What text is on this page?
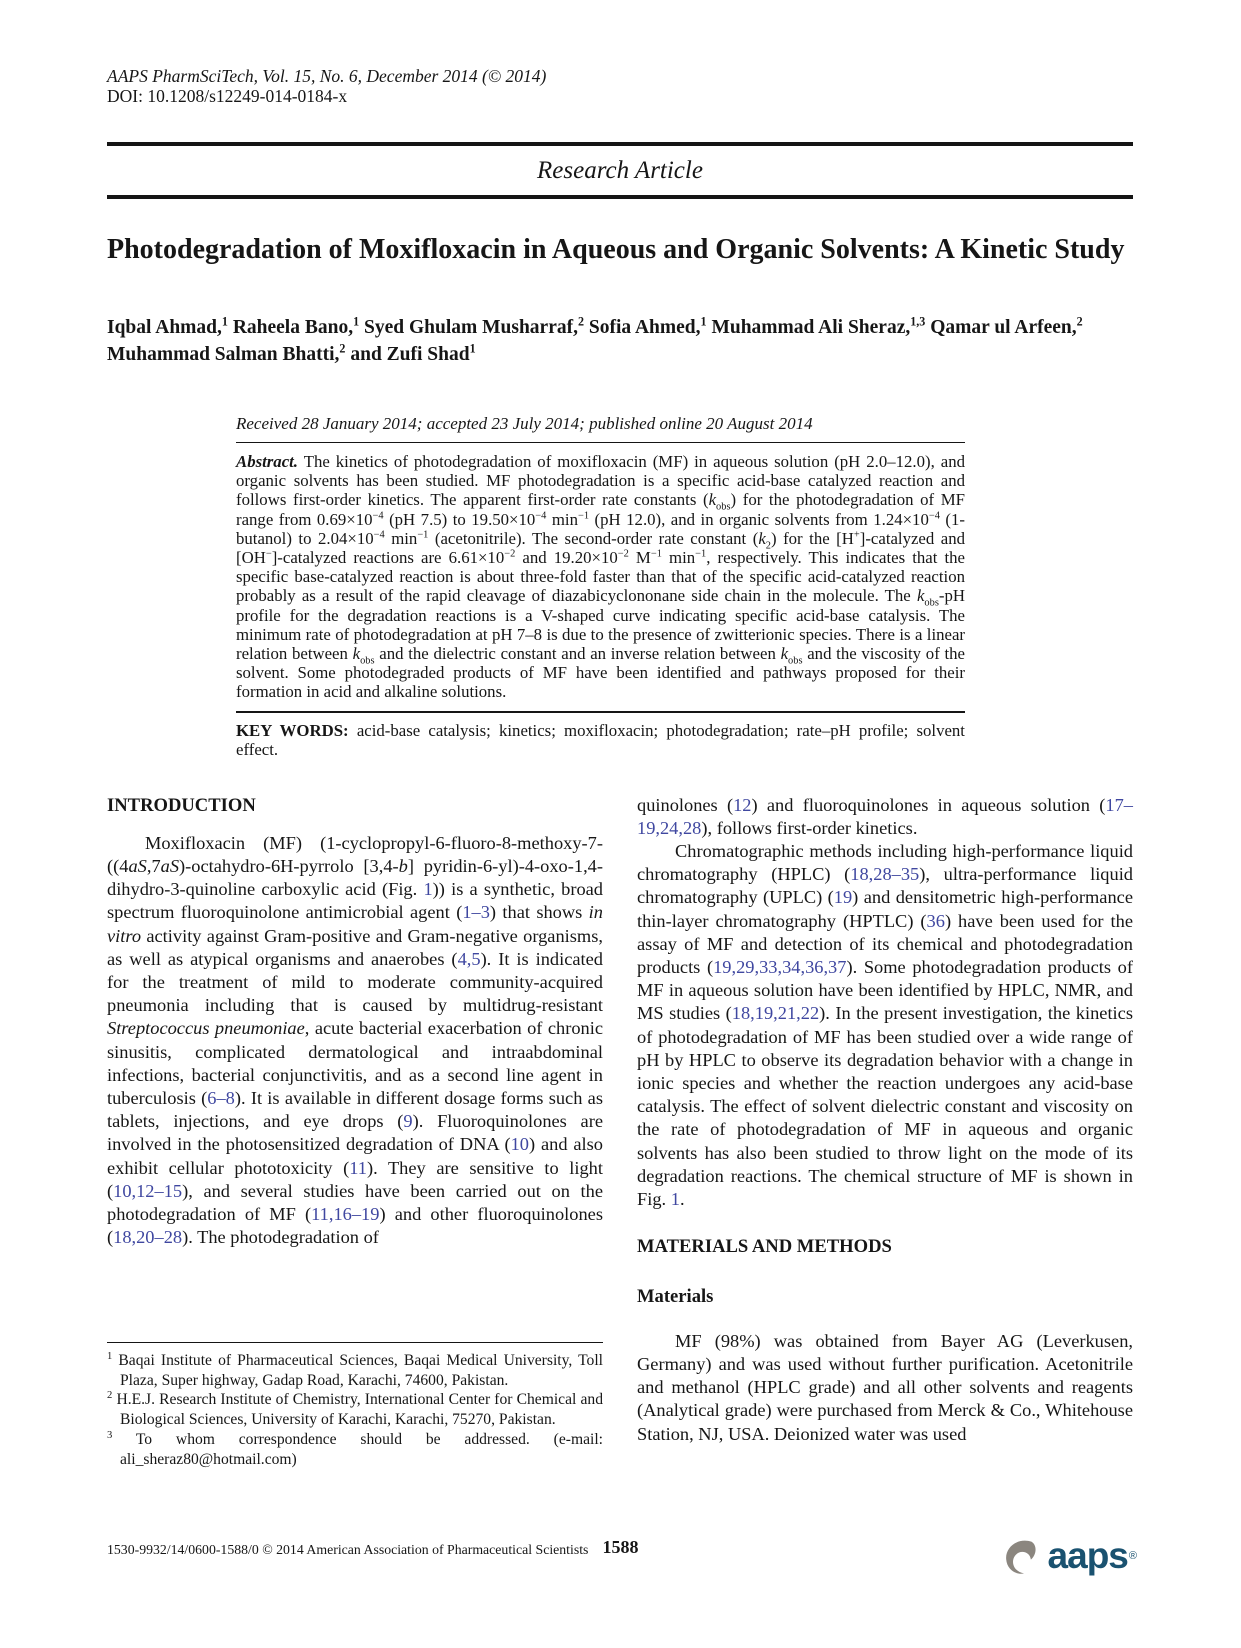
AAPS PharmSciTech, Vol. 15, No. 6, December 2014 (© 2014)
DOI: 10.1208/s12249-014-0184-x
Research Article
Photodegradation of Moxifloxacin in Aqueous and Organic Solvents: A Kinetic Study
Iqbal Ahmad,$^1$ Raheela Bano,$^1$ Syed Ghulam Musharraf,$^2$ Sofia Ahmed,$^1$ Muhammad Ali Sheraz,$^{1,3}$ Qamar ul Arfeen,$^2$ Muhammad Salman Bhatti,$^2$ and Zufi Shad$^1$
Received 28 January 2014; accepted 23 July 2014; published online 20 August 2014

Abstract. The kinetics of photodegradation of moxifloxacin (MF) in aqueous solution (pH 2.0–12.0), and organic solvents has been studied. MF photodegradation is a specific acid-base catalyzed reaction and follows first-order kinetics. The apparent first-order rate constants $(k_{obs})$ for the photodegradation of MF range from $0.69\times 10^{-4}$ (pH 7.5) to $19.50\times 10^{-4}$ $\min^{-1} (pH$ 12.0), and in organic solvents from $1.24\times 10^{-4}$ (1-butanol) to $2.04\times 10^{-4}$ $\min^{-1}$ (acetonitrile). The second-order rate constant $(k_2)$ for the [H+]-catalyzed and [OH−]-catalyzed reactions are $6.61\times 10^{-2}$ and $19.20\times 10^{-2}$ $M^{-1}$ $\min^{-1}$, respectively. This indicates that the specific base-catalyzed reaction is about three-fold faster than that of the specific acid-catalyzed reaction probably as a result of the rapid cleavage of diazabicyclononane side chain in the molecule. The $k_{obs}-pH$ profile for the degradation reactions is a V-shaped curve indicating specific acid-base catalysis. The minimum rate of photodegradation at pH 7–8 is due to the presence of zwitterionic species. There is a linear relation between $k_{obs}$ and the dielectric constant and an inverse relation between $k_{obs}$ and the viscosity of the solvent. Some photodegraded products of MF have been identified and pathways proposed for their formation in acid and alkaline solutions.

KEY WORDS: acid-base catalysis; kinetics; moxifloxacin; photodegradation; rate–pH profile; solvent effect.

INTRODUCTION

Moxifloxacin (MF) (1-cyclopropyl-6-fluoro-8-methoxy-7-((4aS,7aS)-octahydro-6H-pyrrolo [3,4-b] pyridin-6-yl)-4-oxo-1,4-dihydro-3-quinoline carboxylic acid (Fig. 1)) is a synthetic, broad spectrum fluoroquinolone antimicrobial agent (1–3) that shows in vitro activity against Gram-positive and Gram-negative organisms, as well as atypical organisms and anaerobes (4,5). It is indicated for the treatment of mild to moderate community-acquired pneumonia including that is caused by multidrug-resistant Streptococcus pneumoniae, acute bacterial exacerbation of chronic sinusitis, complicated dermatological and intraabdominal infections, bacterial conjunctivitis, and as a second line agent in tuberculosis (6–8). It is available in different dosage forms such as tablets, injections, and eye drops (9). Fluoroquinolones are involved in the photosensitized degradation of DNA (10) and also exhibit cellular phototoxicity (11). They are sensitive to light (10,12–15), and several studies have been carried out on the photodegradation of MF (11,16–19) and other fluoroquinolones (18,20–28). The photodegradation of

$^1$ Baqai Institute of Pharmaceutical Sciences, Baqai Medical University, Toll Plaza, Super highway, Gadap Road, Karachi, 74600, Pakistan.
$^2$ H.E.J. Research Institute of Chemistry, International Center for Chemical and Biological Sciences, University of Karachi, Karachi, 75270, Pakistan.
$^3$ To whom correspondence should be addressed. (e-mail: ali_sheraz80@hotmail.com)

quinolones (12) and fluoroquinolones in aqueous solution (17–19,24,28), follows first-order kinetics.

Chromatographic methods including high-performance liquid chromatography (HPLC) (18,28–35), ultra-performance liquid chromatography (UPLC) (19) and densitometric high-performance thin-layer chromatography (HPTLC) (36) have been used for the assay of MF and detection of its chemical and photodegradation products (19,29,33,34,36,37). Some photodegradation products of MF in aqueous solution have been identified by HPLC, NMR, and MS studies (18,19,21,22). In the present investigation, the kinetics of photodegradation of MF has been studied over a wide range of pH by HPLC to observe its degradation behavior with a change in ionic species and whether the reaction undergoes any acid-base catalysis. The effect of solvent dielectric constant and viscosity on the rate of photodegradation of MF in aqueous and organic solvents has also been studied to throw light on the mode of its degradation reactions. The chemical structure of MF is shown in Fig. 1.

MATERIALS AND METHODS
Materials

MF (98%) was obtained from Bayer AG (Leverkusen, Germany) and was used without further purification. Acetonitrile and methanol (HPLC grade) and all other solvents and reagents (Analytical grade) were purchased from Merck & Co., Whitehouse Station, NJ, USA. Deionized water was used

1588
1530-9932/14/0600-1588/0 © 2014 American Association of Pharmaceutical Scientists	aaps ®
